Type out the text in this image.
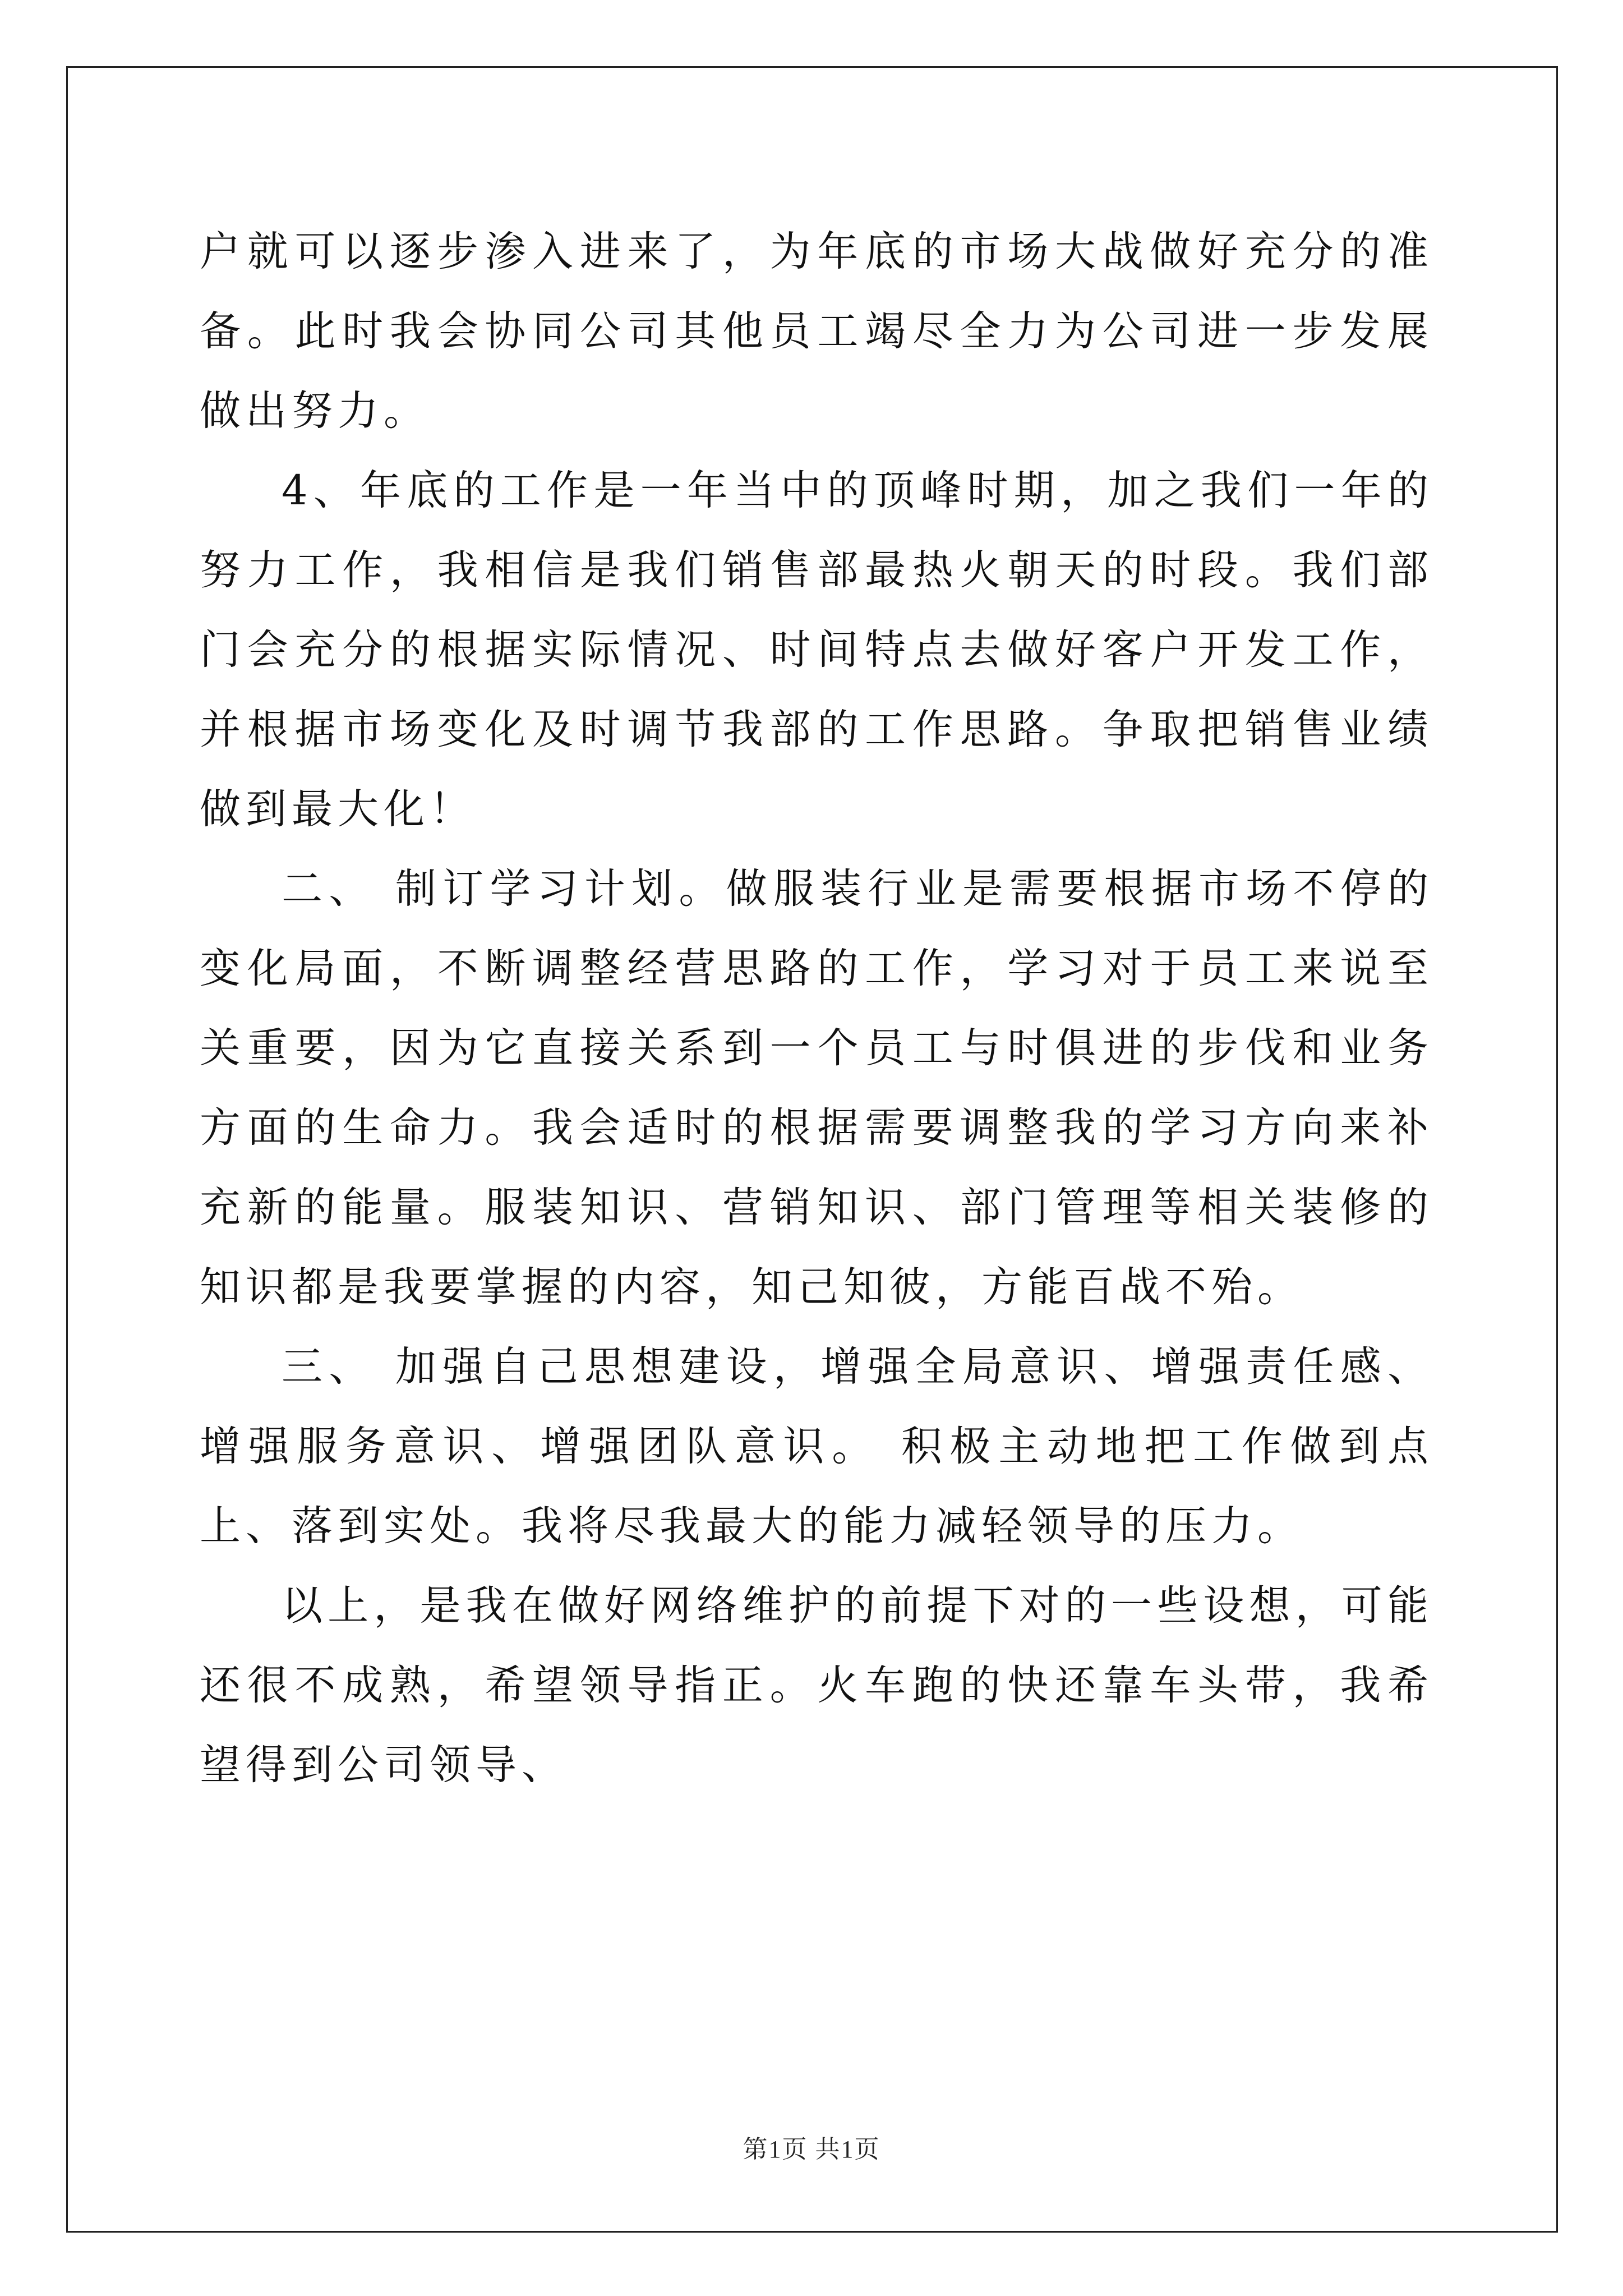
户就可以逐步渗入进来了，为年底的市场大战做好充分的准备。此时我会协同公司其他员工竭尽全力为公司进一步发展做出努力。

4、年底的工作是一年当中的顶峰时期，加之我们一年的努力工作，我相信是我们销售部最热火朝天的时段。我们部门会充分的根据实际情况、时间特点去做好客户开发工作，并根据市场变化及时调节我部的工作思路。争取把销售业绩做到最大化！

二、 制订学习计划。做服装行业是需要根据市场不停的变化局面，不断调整经营思路的工作，学习对于员工来说至关重要，因为它直接关系到一个员工与时俱进的步伐和业务方面的生命力。我会适时的根据需要调整我的学习方向来补充新的能量。服装知识、营销知识、部门管理等相关装修的知识都是我要掌握的内容，知己知彼，方能百战不殆。

三、 加强自己思想建设，增强全局意识、增强责任感、增强服务意识、增强团队意识。 积极主动地把工作做到点上、落到实处。我将尽我最大的能力减轻领导的压力。

以上，是我在做好网络维护的前提下对的一些设想，可能还很不成熟，希望领导指正。火车跑的快还靠车头带，我希望得到公司领导、

第1页 共1页
